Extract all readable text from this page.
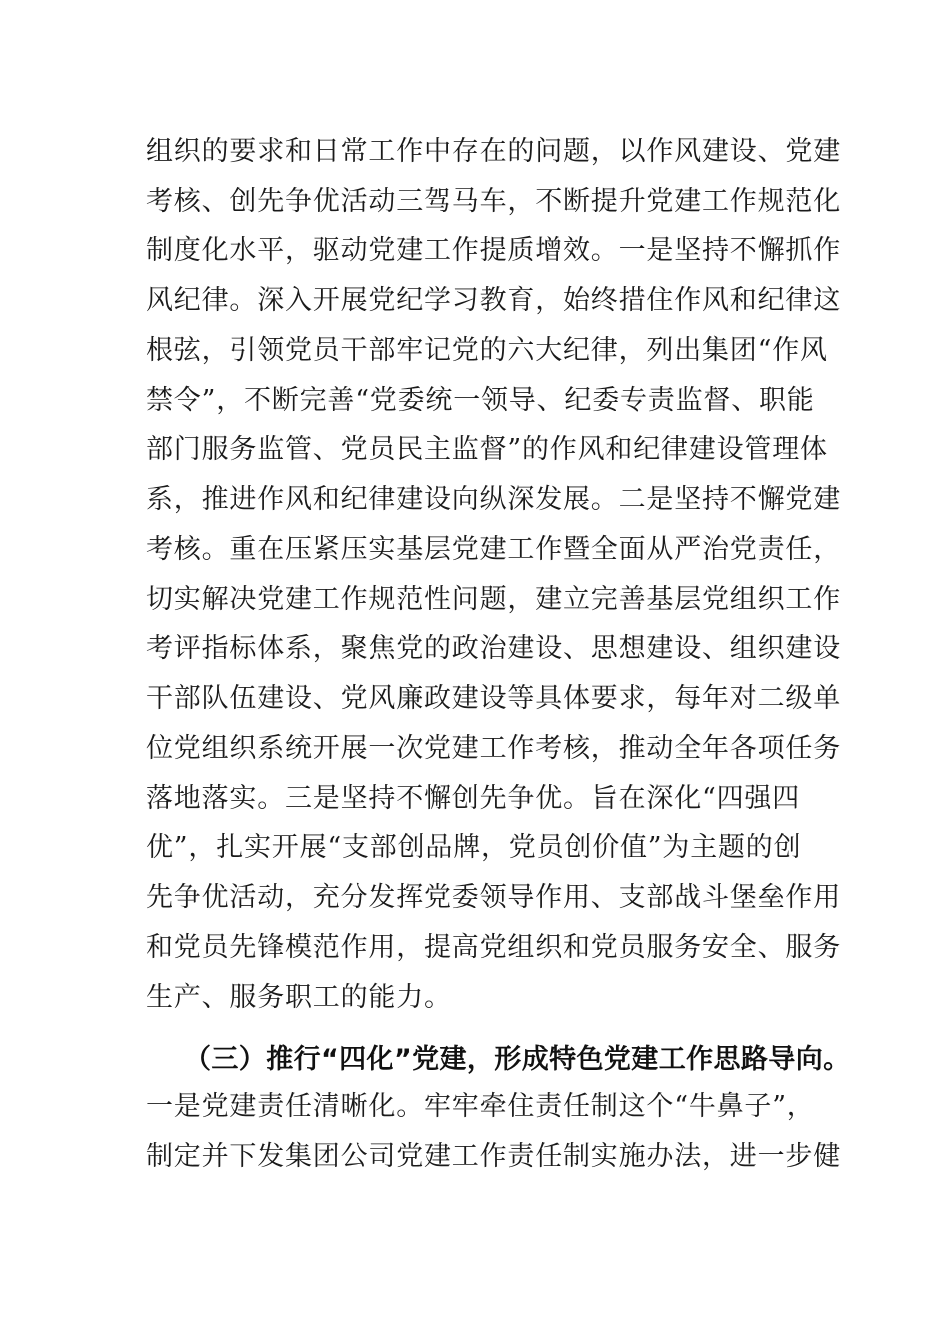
组织的要求和日常工作中存在的问题，以作风建设、党建
考核、创先争优活动三驾马车，不断提升党建工作规范化
制度化水平，驱动党建工作提质增效。一是坚持不懈抓作
风纪律。深入开展党纪学习教育，始终措住作风和纪律这
根弦，引领党员干部牢记党的六大纪律，列出集团“作风
禁令”，不断完善“党委统一领导、纪委专责监督、职能
部门服务监管、党员民主监督”的作风和纪律建设管理体
系，推进作风和纪律建设向纵深发展。二是坚持不懈党建
考核。重在压紧压实基层党建工作暨全面从严治党责任，
切实解决党建工作规范性问题，建立完善基层党组织工作
考评指标体系，聚焦党的政治建设、思想建设、组织建设
干部队伍建设、党风廉政建设等具体要求，每年对二级单
位党组织系统开展一次党建工作考核，推动全年各项任务
落地落实。三是坚持不懈创先争优。旨在深化“四强四
优”，扎实开展“支部创品牌，党员创价值”为主题的创
先争优活动，充分发挥党委领导作用、支部战斗堡垒作用
和党员先锋模范作用，提高党组织和党员服务安全、服务
生产、服务职工的能力。
（三）推行“四化”党建，形成特色党建工作思路导向。
一是党建责任清晰化。牢牢牵住责任制这个“牛鼻子”，
制定并下发集团公司党建工作责任制实施办法，进一步健
